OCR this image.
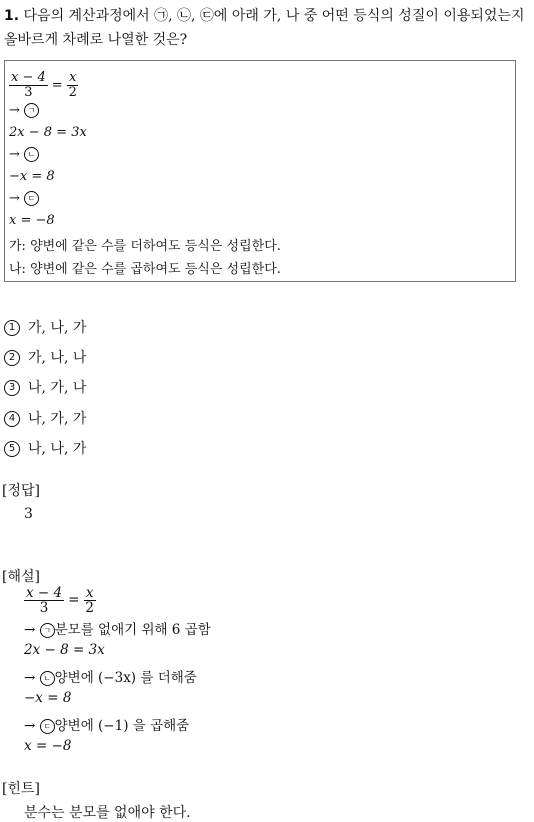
1. 다음의 계산과정에서 ㉠, ㉡, ㉢에 아래 가, 나 중 어떤 등식의 성질이 이용되었는지 올바르게 차례로 나열한 것은?
$\frac{x - 4}{3} = \frac{x}{2}$
→ ㄱ
2x − 8 = 3x
→ ㄴ
−x = 8
→ ㄷ
x = −8
가: 양변에 같은 수를 더하여도 등식은 성립한다.
나: 양변에 같은 수를 곱하여도 등식은 성립한다.
1 가, 나, 가
2 가, 나, 나
3 나, 가, 나
4 나, 가, 가
5 나, 나, 가
[정답]
3
[해설]
$\frac{x - 4}{3} = \frac{x}{2}$
→ ㄱ 분모를 없애기 위해 6 곱함
2x − 8 = 3x
→ ㄴ 양변에 (−3x) 를 더해줌
−x = 8
→ ㄷ 양변에 (−1) 을 곱해줌
x = −8
[힌트]
분수는 분모를 없애야 한다.
